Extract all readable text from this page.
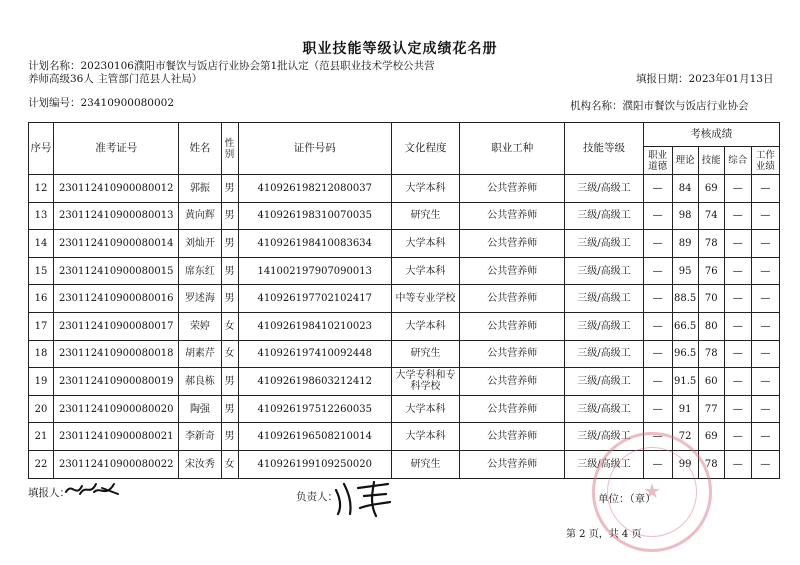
职业技能等级认定成绩花名册
计划名称：20230106濮阳市餐饮与饭店行业协会第1批认定（范县职业技术学校公共营
养师高级36人 主管部门范县人社局）	填报日期：2023年01月13日
计划编号：23410900080002	机构名称：濮阳市餐饮与饭店行业协会
序号	准考证号	姓名	性别	证件号码	文化程度	职业工种	技能等级	考核成绩				
								职业道德	理论	技能	综合	工作业绩
12	230112410900080012	郭振	男	410926198212080037	大学本科	公共营养师	三级/高级工	—	84	69	—	—
13	230112410900080013	黄向辉	男	410926198310070035	研究生	公共营养师	三级/高级工	—	98	74	—	—
14	230112410900080014	刘灿开	男	410926198410083634	大学本科	公共营养师	三级/高级工	—	89	78	—	—
15	230112410900080015	席东红	男	141002197907090013	大学本科	公共营养师	三级/高级工	—	95	76	—	—
16	230112410900080016	罗述海	男	410926197702102417	中等专业学校	公共营养师	三级/高级工	—	88.5	70	—	—
17	230112410900080017	荣婷	女	410926198410210023	大学本科	公共营养师	三级/高级工	—	66.5	80	—	—
18	230112410900080018	胡素芹	女	410926197410092448	研究生	公共营养师	三级/高级工	—	96.5	78	—	—
19	230112410900080019	郝良栋	男	410926198603212412	大学专科和专科学校	公共营养师	三级/高级工	—	91.5	60	—	—
20	230112410900080020	陶强	男	410926197512260035	大学本科	公共营养师	三级/高级工	—	91	77	—	—
21	230112410900080021	李新奇	男	410926196508210014	大学本科	公共营养师	三级/高级工	—	72	69	—	—
22	230112410900080022	宋汝秀	女	410926199109250020	研究生	公共营养师	三级/高级工	—	99	78	—	—
★
填报人：	负责人：	单位：（章）
第 2 页，共 4 页
